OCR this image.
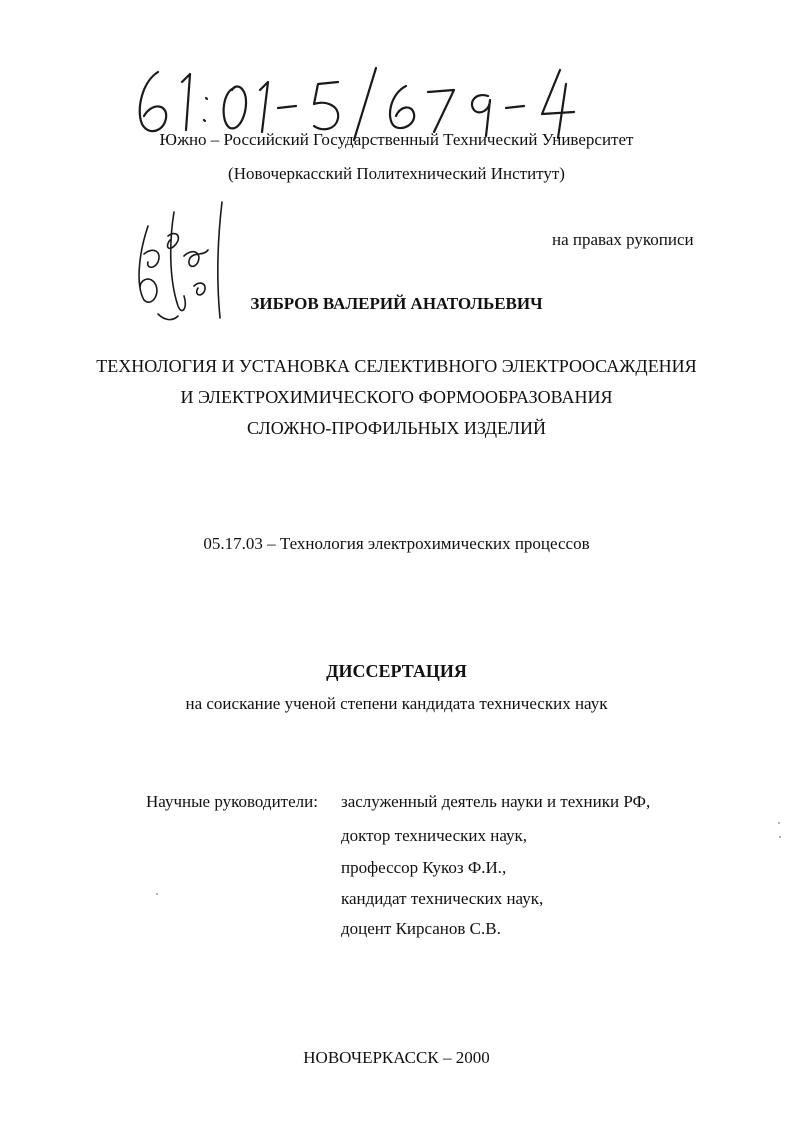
Южно – Российский Государственный Технический Университет
(Новочеркасский Политехнический Институт)
на правах рукописи
ЗИБРОВ ВАЛЕРИЙ АНАТОЛЬЕВИЧ
ТЕХНОЛОГИЯ И УСТАНОВКА СЕЛЕКТИВНОГО ЭЛЕКТРООСАЖДЕНИЯ
И ЭЛЕКТРОХИМИЧЕСКОГО ФОРМООБРАЗОВАНИЯ
СЛОЖНО-ПРОФИЛЬНЫХ ИЗДЕЛИЙ
05.17.03 – Технология электрохимических процессов
ДИССЕРТАЦИЯ
на соискание ученой степени кандидата технических наук
Научные руководители: заслуженный деятель науки и техники РФ,
доктор технических наук,
профессор Кукоз Ф.И.,
кандидат технических наук,
доцент Кирсанов С.В.
НОВОЧЕРКАССК – 2000
